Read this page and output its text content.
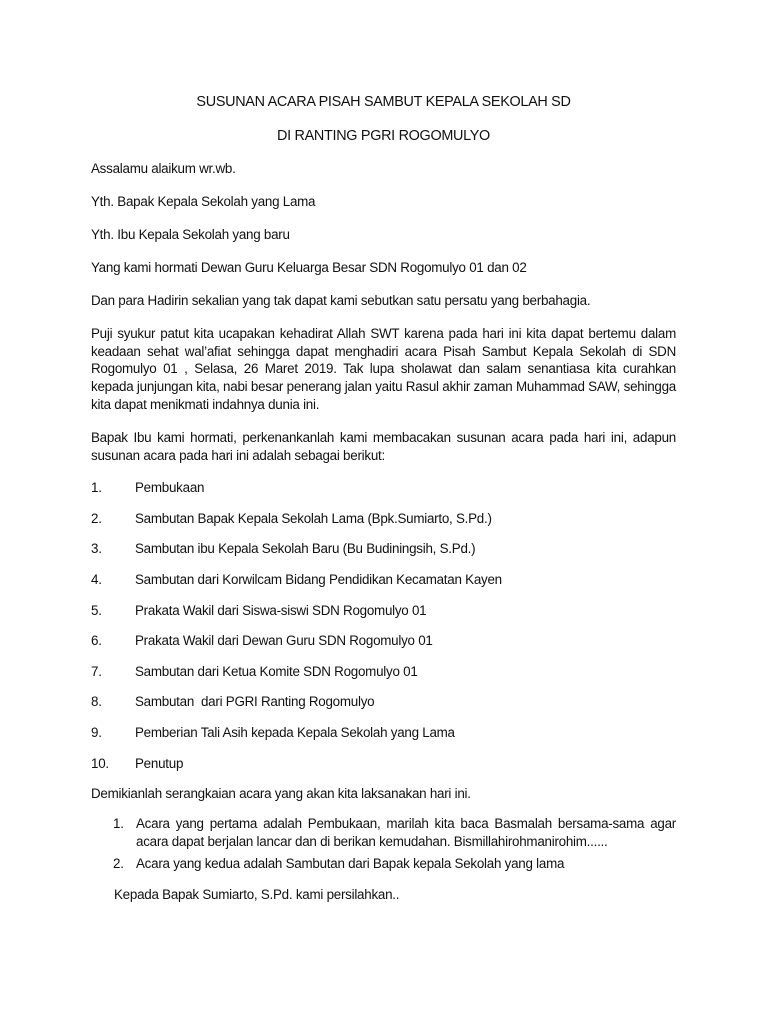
SUSUNAN ACARA PISAH SAMBUT KEPALA SEKOLAH SD
DI RANTING PGRI ROGOMULYO

Assalamu alaikum wr.wb.

Yth. Bapak Kepala Sekolah yang Lama

Yth. Ibu Kepala Sekolah yang baru

Yang kami hormati Dewan Guru Keluarga Besar SDN Rogomulyo 01 dan 02

Dan para Hadirin sekalian yang tak dapat kami sebutkan satu persatu yang berbahagia.

Puji syukur patut kita ucapakan kehadirat Allah SWT karena pada hari ini kita dapat bertemu dalam keadaan sehat wal’afiat sehingga dapat menghadiri acara Pisah Sambut Kepala Sekolah di SDN Rogomulyo 01 , Selasa, 26 Maret 2019. Tak lupa sholawat dan salam senantiasa kita curahkan kepada junjungan kita, nabi besar penerang jalan yaitu Rasul akhir zaman Muhammad SAW, sehingga kita dapat menikmati indahnya dunia ini.

Bapak Ibu kami hormati, perkenankanlah kami membacakan susunan acara pada hari ini, adapun susunan acara pada hari ini adalah sebagai berikut:

1.	Pembukaan
2.	Sambutan Bapak Kepala Sekolah Lama (Bpk.Sumiarto, S.Pd.)
3.	Sambutan ibu Kepala Sekolah Baru (Bu Budiningsih, S.Pd.)
4.	Sambutan dari Korwilcam Bidang Pendidikan Kecamatan Kayen
5.	Prakata Wakil dari Siswa-siswi SDN Rogomulyo 01
6.	Prakata Wakil dari Dewan Guru SDN Rogomulyo 01
7.	Sambutan dari Ketua Komite SDN Rogomulyo 01
8.	Sambutan  dari PGRI Ranting Rogomulyo
9.	Pemberian Tali Asih kepada Kepala Sekolah yang Lama
10.	Penutup

Demikianlah serangkaian acara yang akan kita laksanakan hari ini.

1. Acara yang pertama adalah Pembukaan, marilah kita baca Basmalah bersama-sama agar acara dapat berjalan lancar dan di berikan kemudahan. Bismillahirohmanirohim......
2. Acara yang kedua adalah Sambutan dari Bapak kepala Sekolah yang lama

Kepada Bapak Sumiarto, S.Pd. kami persilahkan..
